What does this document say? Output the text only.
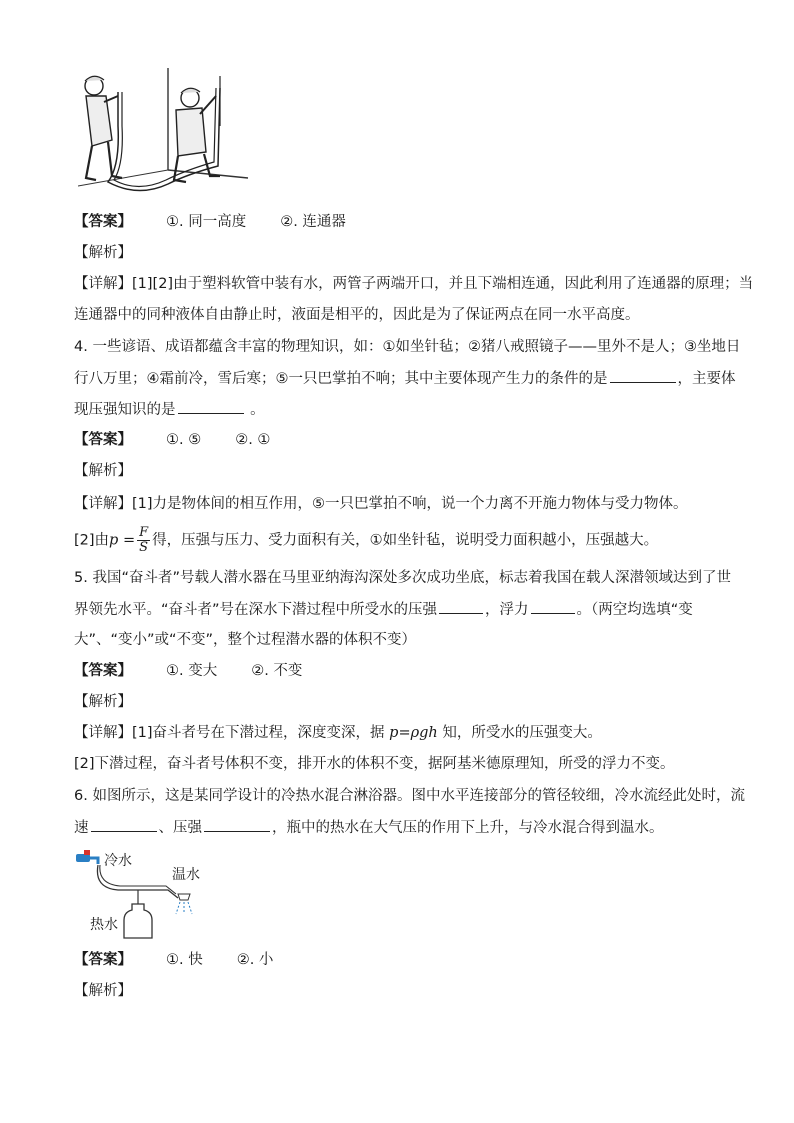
【答案】 ①. 同一高度 ②. 连通器
【解析】
【详解】[1][2]由于塑料软管中装有水，两管子两端开口，并且下端相连通，因此利用了连通器的原理；当
连通器中的同种液体自由静止时，液面是相平的，因此是为了保证两点在同一水平高度。
4. 一些谚语、成语都蕴含丰富的物理知识，如：①如坐针毡；②猪八戒照镜子——里外不是人；③坐地日
行八万里；④霜前冷，雪后寒；⑤一只巴掌拍不响；其中主要体现产生力的条件的是	，主要体
现压强知识的是	。
【答案】 ①. ⑤ ②. ①
【解析】
【详解】[1]力是物体间的相互作用，⑤一只巴掌拍不响，说一个力离不开施力物体与受力物体。
[2]由$p = \frac{F}{S}$ 得，压强与压力、受力面积有关，①如坐针毡，说明受力面积越小，压强越大。
5. 我国“奋斗者”号载人潜水器在马里亚纳海沟深处多次成功坐底，标志着我国在载人深潜领域达到了世
界领先水平。“奋斗者”号在深水下潜过程中所受水的压强	，浮力	。（两空均选填“变
大”、“变小”或“不变”，整个过程潜水器的体积不变）
【答案】 ①. 变大 ②. 不变
【解析】
【详解】[1]奋斗者号在下潜过程，深度变深，据 p=ρgh 知，所受水的压强变大。
[2]下潜过程，奋斗者号体积不变，排开水的体积不变，据阿基米德原理知，所受的浮力不变。
6. 如图所示，这是某同学设计的冷热水混合淋浴器。图中水平连接部分的管径较细，冷水流经此处时，流
速	、压强	，瓶中的热水在大气压的作用下上升，与冷水混合得到温水。
冷水
温水
热水
【答案】 ①. 快 ②. 小
【解析】
